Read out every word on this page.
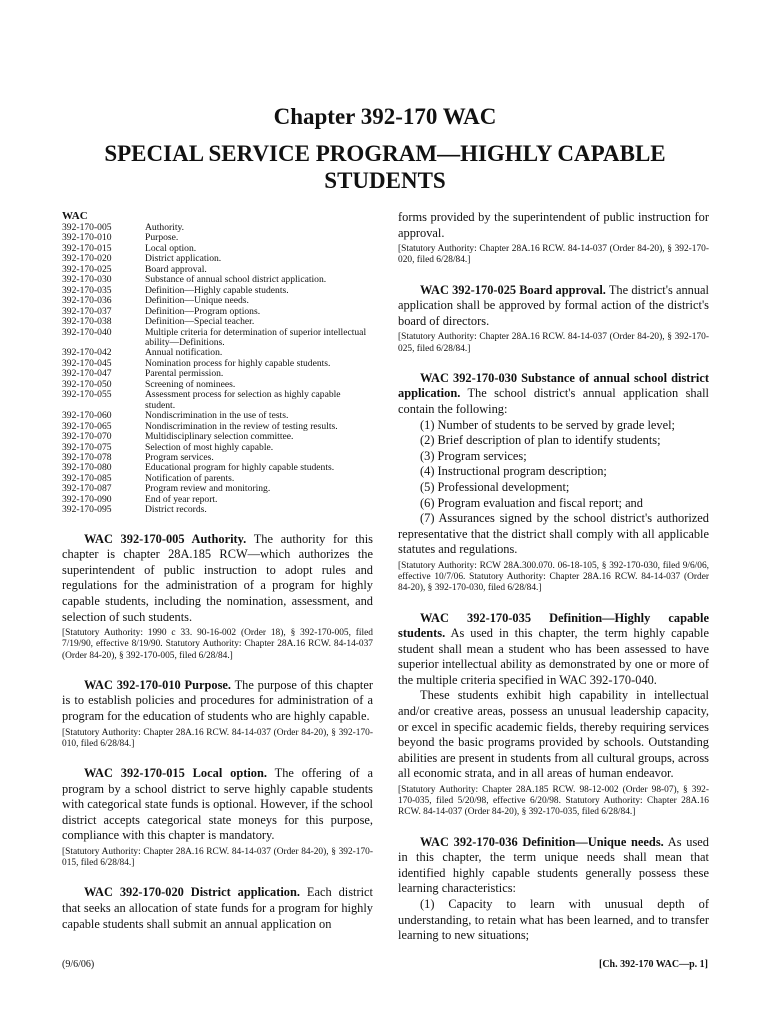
Chapter 392-170 WAC
SPECIAL SERVICE PROGRAM—HIGHLY CAPABLE STUDENTS
WAC
392-170-005	Authority.
392-170-010	Purpose.
392-170-015	Local option.
392-170-020	District application.
392-170-025	Board approval.
392-170-030	Substance of annual school district application.
392-170-035	Definition—Highly capable students.
392-170-036	Definition—Unique needs.
392-170-037	Definition—Program options.
392-170-038	Definition—Special teacher.
392-170-040	Multiple criteria for determination of superior intellectual ability—Definitions.
392-170-042	Annual notification.
392-170-045	Nomination process for highly capable students.
392-170-047	Parental permission.
392-170-050	Screening of nominees.
392-170-055	Assessment process for selection as highly capable student.
392-170-060	Nondiscrimination in the use of tests.
392-170-065	Nondiscrimination in the review of testing results.
392-170-070	Multidisciplinary selection committee.
392-170-075	Selection of most highly capable.
392-170-078	Program services.
392-170-080	Educational program for highly capable students.
392-170-085	Notification of parents.
392-170-087	Program review and monitoring.
392-170-090	End of year report.
392-170-095	District records.

WAC 392-170-005 Authority. The authority for this chapter is chapter 28A.185 RCW—which authorizes the superintendent of public instruction to adopt rules and regulations for the administration of a program for highly capable students, including the nomination, assessment, and selection of such students.

[Statutory Authority: 1990 c 33. 90-16-002 (Order 18), § 392-170-005, filed 7/19/90, effective 8/19/90. Statutory Authority: Chapter 28A.16 RCW. 84-14-037 (Order 84-20), § 392-170-005, filed 6/28/84.]

WAC 392-170-010 Purpose. The purpose of this chapter is to establish policies and procedures for administration of a program for the education of students who are highly capable.

[Statutory Authority: Chapter 28A.16 RCW. 84-14-037 (Order 84-20), § 392-170-010, filed 6/28/84.]

WAC 392-170-015 Local option. The offering of a program by a school district to serve highly capable students with categorical state funds is optional. However, if the school district accepts categorical state moneys for this purpose, compliance with this chapter is mandatory.

[Statutory Authority: Chapter 28A.16 RCW. 84-14-037 (Order 84-20), § 392-170-015, filed 6/28/84.]

WAC 392-170-020 District application. Each district that seeks an allocation of state funds for a program for highly capable students shall submit an annual application on

forms provided by the superintendent of public instruction for approval.

[Statutory Authority: Chapter 28A.16 RCW. 84-14-037 (Order 84-20), § 392-170-020, filed 6/28/84.]

WAC 392-170-025 Board approval. The district's annual application shall be approved by formal action of the district's board of directors.

[Statutory Authority: Chapter 28A.16 RCW. 84-14-037 (Order 84-20), § 392-170-025, filed 6/28/84.]

WAC 392-170-030 Substance of annual school district application. The school district's annual application shall contain the following:

(1) Number of students to be served by grade level;

(2) Brief description of plan to identify students;

(3) Program services;

(4) Instructional program description;

(5) Professional development;

(6) Program evaluation and fiscal report; and

(7) Assurances signed by the school district's authorized representative that the district shall comply with all applicable statutes and regulations.

[Statutory Authority: RCW 28A.300.070. 06-18-105, § 392-170-030, filed 9/6/06, effective 10/7/06. Statutory Authority: Chapter 28A.16 RCW. 84-14-037 (Order 84-20), § 392-170-030, filed 6/28/84.]

WAC 392-170-035 Definition—Highly capable students. As used in this chapter, the term highly capable student shall mean a student who has been assessed to have superior intellectual ability as demonstrated by one or more of the multiple criteria specified in WAC 392-170-040.

These students exhibit high capability in intellectual and/or creative areas, possess an unusual leadership capacity, or excel in specific academic fields, thereby requiring services beyond the basic programs provided by schools. Outstanding abilities are present in students from all cultural groups, across all economic strata, and in all areas of human endeavor.

[Statutory Authority: Chapter 28A.185 RCW. 98-12-002 (Order 98-07), § 392-170-035, filed 5/20/98, effective 6/20/98. Statutory Authority: Chapter 28A.16 RCW. 84-14-037 (Order 84-20), § 392-170-035, filed 6/28/84.]

WAC 392-170-036 Definition—Unique needs. As used in this chapter, the term unique needs shall mean that identified highly capable students generally possess these learning characteristics:

(1) Capacity to learn with unusual depth of understanding, to retain what has been learned, and to transfer learning to new situations;

(9/6/06)	[Ch. 392-170 WAC—p. 1]
